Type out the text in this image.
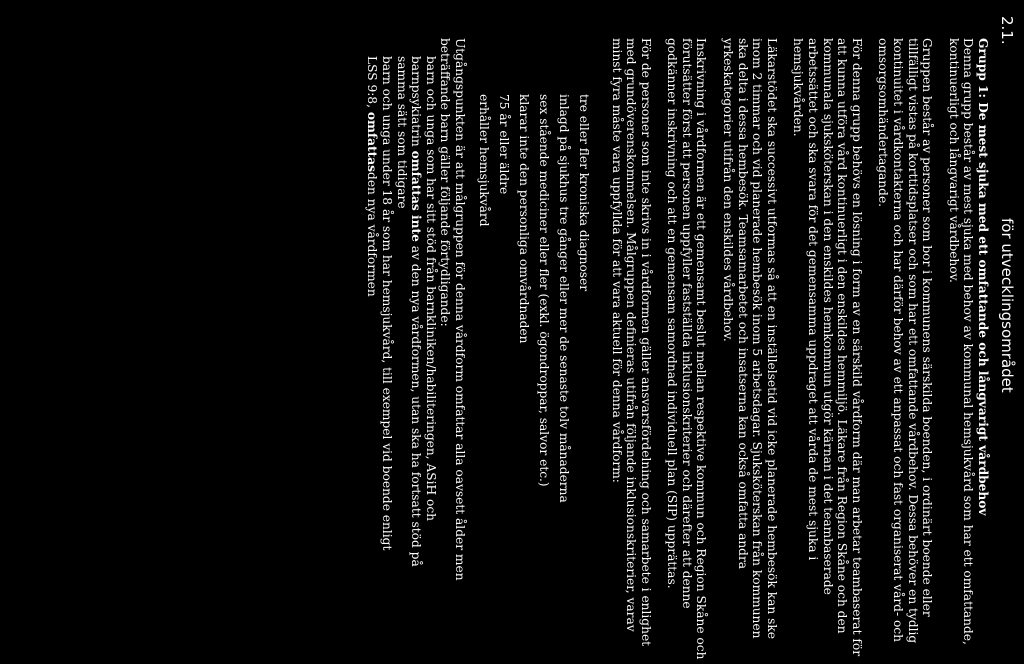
2.1.
för utvecklingsområdet

Grupp 1: De mest sjuka med ett omfattande och långvarigt vårdbehov

Denna grupp består av mest sjuka med behov av kommunal hemsjukvård som har ett omfattande, kontinuerligt och långvarigt vårdbehov.

Gruppen består av personer som bor i kommunens särskilda boenden, i ordinärt boende eller tillfälligt vistas på korttidsplatser och som har ett omfattande vårdbehov. Dessa behöver en tydlig kontinuitet i vårdkontakterna och har därför behov av ett anpassat och fast organiserat vård- och omsorgsomhändertagande.

För denna grupp behövs en lösning i form av en särskild vårdform där man arbetar teambaserat för att kunna utföra vård kontinuerligt i den enskildes hemmiljö. Läkare från Region Skåne och den kommunala sjuksköterskan i den enskildes hemkommun utgör kärnan i det teambaserade arbetssättet och ska svara för det gemensamma uppdraget att vårda de mest sjuka i hemsjukvården.

Läkarstödet ska successivt utformas så att en inställelsetid vid icke planerade hembesök kan ske inom 2 timmar och vid planerade hembesök inom 5 arbetsdagar. Sjuksköterskan från kommunen ska delta i dessa hembesök. Teamsamarbetet och insatserna kan också omfatta andra yrkeskategorier utifrån den enskildes vårdbehov.

Inskrivning i vårdformen är ett gemensamt beslut mellan respektive kommun och Region Skåne och förutsätter först att personen uppfyller fastställda inklusionskriterier och därefter att denne godkänner inskrivning och att en gemensam samordnad individuell plan (SIP) upprättas.

För de personer som inte skrivs in i vårdformen gäller ansvarsfördelning och samarbete i enlighet med grundöverenskommelsen. Målgruppen definieras utifrån följande inklusionskriterier, varav minst fyra måste vara uppfyllda för att vara aktuell för denna vårdform:

tre eller fler kroniska diagnoser
inlagd på sjukhus tre gånger eller mer de senaste tolv månaderna
sex stående mediciner eller fler (exkl. ögondroppar, salvor etc.)
klarar inte den personliga omvårdnaden
75 år eller äldre
erhåller hemsjukvård

Utgångspunkten är att målgruppen för denna vårdform omfattar alla oavsett ålder men

beträffande barn gäller följande förtydligande:

barn och unga som har sitt stöd från barnkliniken/habiliteringen, ASiH och

barnpsykiatrin omfattas inte av den nya vårdformen, utan ska ha fortsatt stöd på

samma sätt som tidigare

barn och unga under 18 år som har hemsjukvård, till exempel vid boende enligt

LSS 9:8, omfattasden nya vårdformen
